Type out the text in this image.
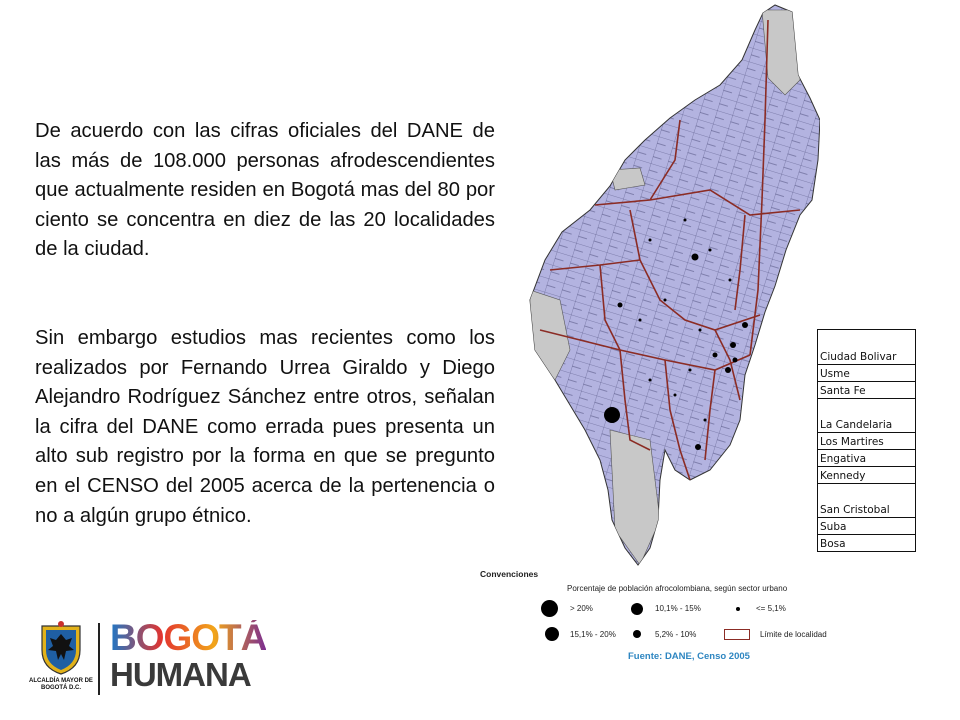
De acuerdo con las cifras oficiales del DANE de las más de 108.000 personas afrodescendientes que actualmente residen en Bogotá mas del 80 por ciento se concentra en diez de las 20 localidades de la ciudad.

Sin embargo estudios mas recientes como los realizados por Fernando Urrea Giraldo y Diego Alejandro Rodríguez Sánchez entre otros, señalan la cifra del DANE como errada pues presenta un alto sub registro por la forma en que se pregunto en el CENSO del 2005 acerca de la pertenencia o no a algún grupo étnico.

Ciudad Bolivar
Usme
Santa Fe
La Candelaria
Los Martires
Engativa
Kennedy
San Cristobal
Suba
Bosa
Convenciones
Porcentaje de población afrocolombiana, según sector urbano
> 20%	10,1% - 15%	<= 5,1%
15,1% - 20%	5,2% - 10%	Límite de localidad
Fuente: DANE, Censo 2005
ALCALDÍA MAYOR DE BOGOTÁ D.C.
BOGOTÁ
HUMANA
